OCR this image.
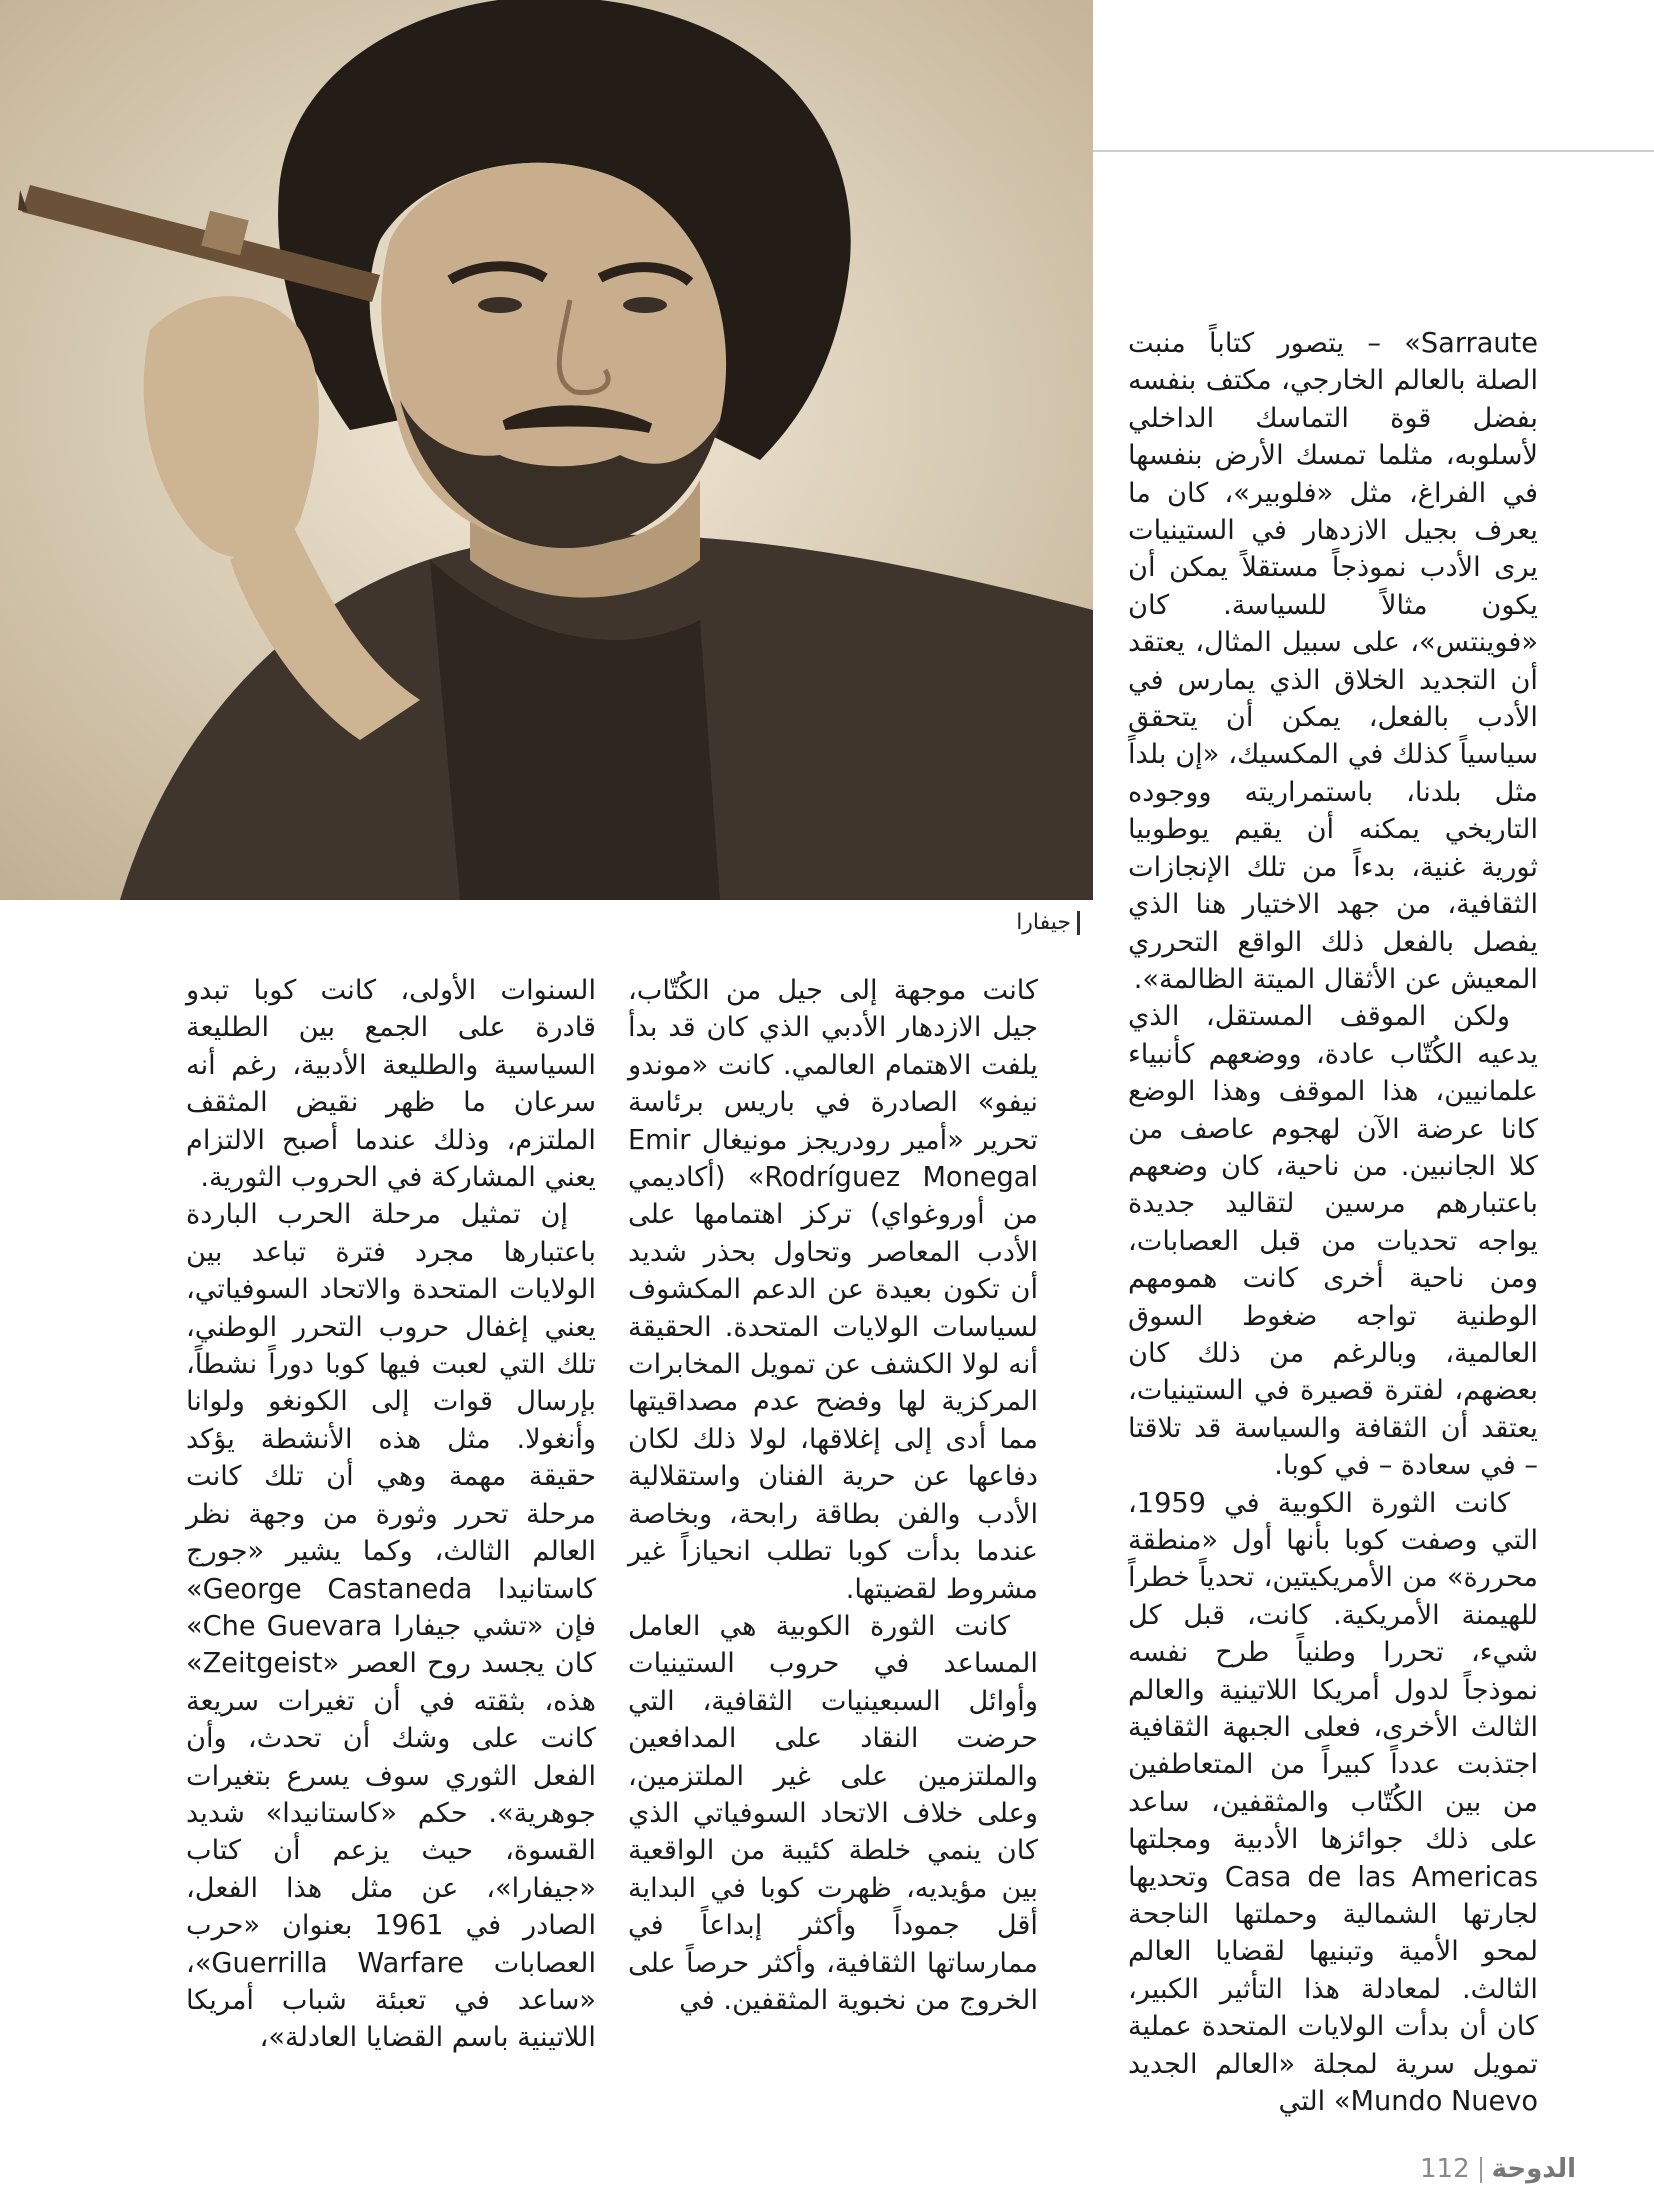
جيفارا

Sarraute» – يتصور كتاباً منبت الصلة بالعالم الخارجي، مكتف بنفسه بفضل قوة التماسك الداخلي لأسلوبه، مثلما تمسك الأرض بنفسها في الفراغ، مثل «فلوبير»، كان ما يعرف بجيل الازدهار في الستينيات يرى الأدب نموذجاً مستقلاً يمكن أن يكون مثالاً للسياسة. كان «فوينتس»، على سبيل المثال، يعتقد أن التجديد الخلاق الذي يمارس في الأدب بالفعل، يمكن أن يتحقق سياسياً كذلك في المكسيك، «إن بلداً مثل بلدنا، باستمراريته ووجوده التاريخي يمكنه أن يقيم يوطوبيا ثورية غنية، بدءاً من تلك الإنجازات الثقافية، من جهد الاختيار هنا الذي يفصل بالفعل ذلك الواقع التحرري المعيش عن الأثقال الميتة الظالمة».

ولكن الموقف المستقل، الذي يدعيه الكُتّاب عادة، ووضعهم كأنبياء علمانيين، هذا الموقف وهذا الوضع كانا عرضة الآن لهجوم عاصف من كلا الجانبين. من ناحية، كان وضعهم باعتبارهم مرسين لتقاليد جديدة يواجه تحديات من قبل العصابات، ومن ناحية أخرى كانت همومهم الوطنية تواجه ضغوط السوق العالمية، وبالرغم من ذلك كان بعضهم، لفترة قصيرة في الستينيات، يعتقد أن الثقافة والسياسة قد تلاقتا – في سعادة – في كوبا.

كانت الثورة الكوبية في 1959، التي وصفت كوبا بأنها أول «منطقة محررة» من الأمريكيتين، تحدياً خطراً للهيمنة الأمريكية. كانت، قبل كل شيء، تحررا وطنياً طرح نفسه نموذجاً لدول أمريكا اللاتينية والعالم الثالث الأخرى، فعلى الجبهة الثقافية اجتذبت عدداً كبيراً من المتعاطفين من بين الكُتّاب والمثقفين، ساعد على ذلك جوائزها الأدبية ومجلتها Casa de las Americas وتحديها لجارتها الشمالية وحملتها الناجحة لمحو الأمية وتبنيها لقضايا العالم الثالث. لمعادلة هذا التأثير الكبير، كان أن بدأت الولايات المتحدة عملية تمويل سرية لمجلة «العالم الجديد Mundo Nuevo» التي

كانت موجهة إلى جيل من الكُتّاب، جيل الازدهار الأدبي الذي كان قد بدأ يلفت الاهتمام العالمي. كانت «موندو نيفو» الصادرة في باريس برئاسة تحرير «أمير رودريجز مونيغال Emir Rodríguez Monegal» (أكاديمي من أوروغواي) تركز اهتمامها على الأدب المعاصر وتحاول بحذر شديد أن تكون بعيدة عن الدعم المكشوف لسياسات الولايات المتحدة. الحقيقة أنه لولا الكشف عن تمويل المخابرات المركزية لها وفضح عدم مصداقيتها مما أدى إلى إغلاقها، لولا ذلك لكان دفاعها عن حرية الفنان واستقلالية الأدب والفن بطاقة رابحة، وبخاصة عندما بدأت كوبا تطلب انحيازاً غير مشروط لقضيتها.

كانت الثورة الكوبية هي العامل المساعد في حروب الستينيات وأوائل السبعينيات الثقافية، التي حرضت النقاد على المدافعين والملتزمين على غير الملتزمين، وعلى خلاف الاتحاد السوفياتي الذي كان ينمي خلطة كئيبة من الواقعية بين مؤيديه، ظهرت كوبا في البداية أقل جموداً وأكثر إبداعاً في ممارساتها الثقافية، وأكثر حرصاً على الخروج من نخبوية المثقفين. في

السنوات الأولى، كانت كوبا تبدو قادرة على الجمع بين الطليعة السياسية والطليعة الأدبية، رغم أنه سرعان ما ظهر نقيض المثقف الملتزم، وذلك عندما أصبح الالتزام يعني المشاركة في الحروب الثورية.

إن تمثيل مرحلة الحرب الباردة باعتبارها مجرد فترة تباعد بين الولايات المتحدة والاتحاد السوفياتي، يعني إغفال حروب التحرر الوطني، تلك التي لعبت فيها كوبا دوراً نشطاً، بإرسال قوات إلى الكونغو ولوانا وأنغولا. مثل هذه الأنشطة يؤكد حقيقة مهمة وهي أن تلك كانت مرحلة تحرر وثورة من وجهة نظر العالم الثالث، وكما يشير «جورج كاستانيدا George Castaneda» فإن «تشي جيفارا Che Guevara» كان يجسد روح العصر «Zeitgeist» هذه، بثقته في أن تغيرات سريعة كانت على وشك أن تحدث، وأن الفعل الثوري سوف يسرع بتغيرات جوهرية». حكم «كاستانيدا» شديد القسوة، حيث يزعم أن كتاب «جيفارا»، عن مثل هذا الفعل، الصادر في 1961 بعنوان «حرب العصابات Guerrilla Warfare»، «ساعد في تعبئة شباب أمريكا اللاتينية باسم القضايا العادلة»،

الدوحة112
